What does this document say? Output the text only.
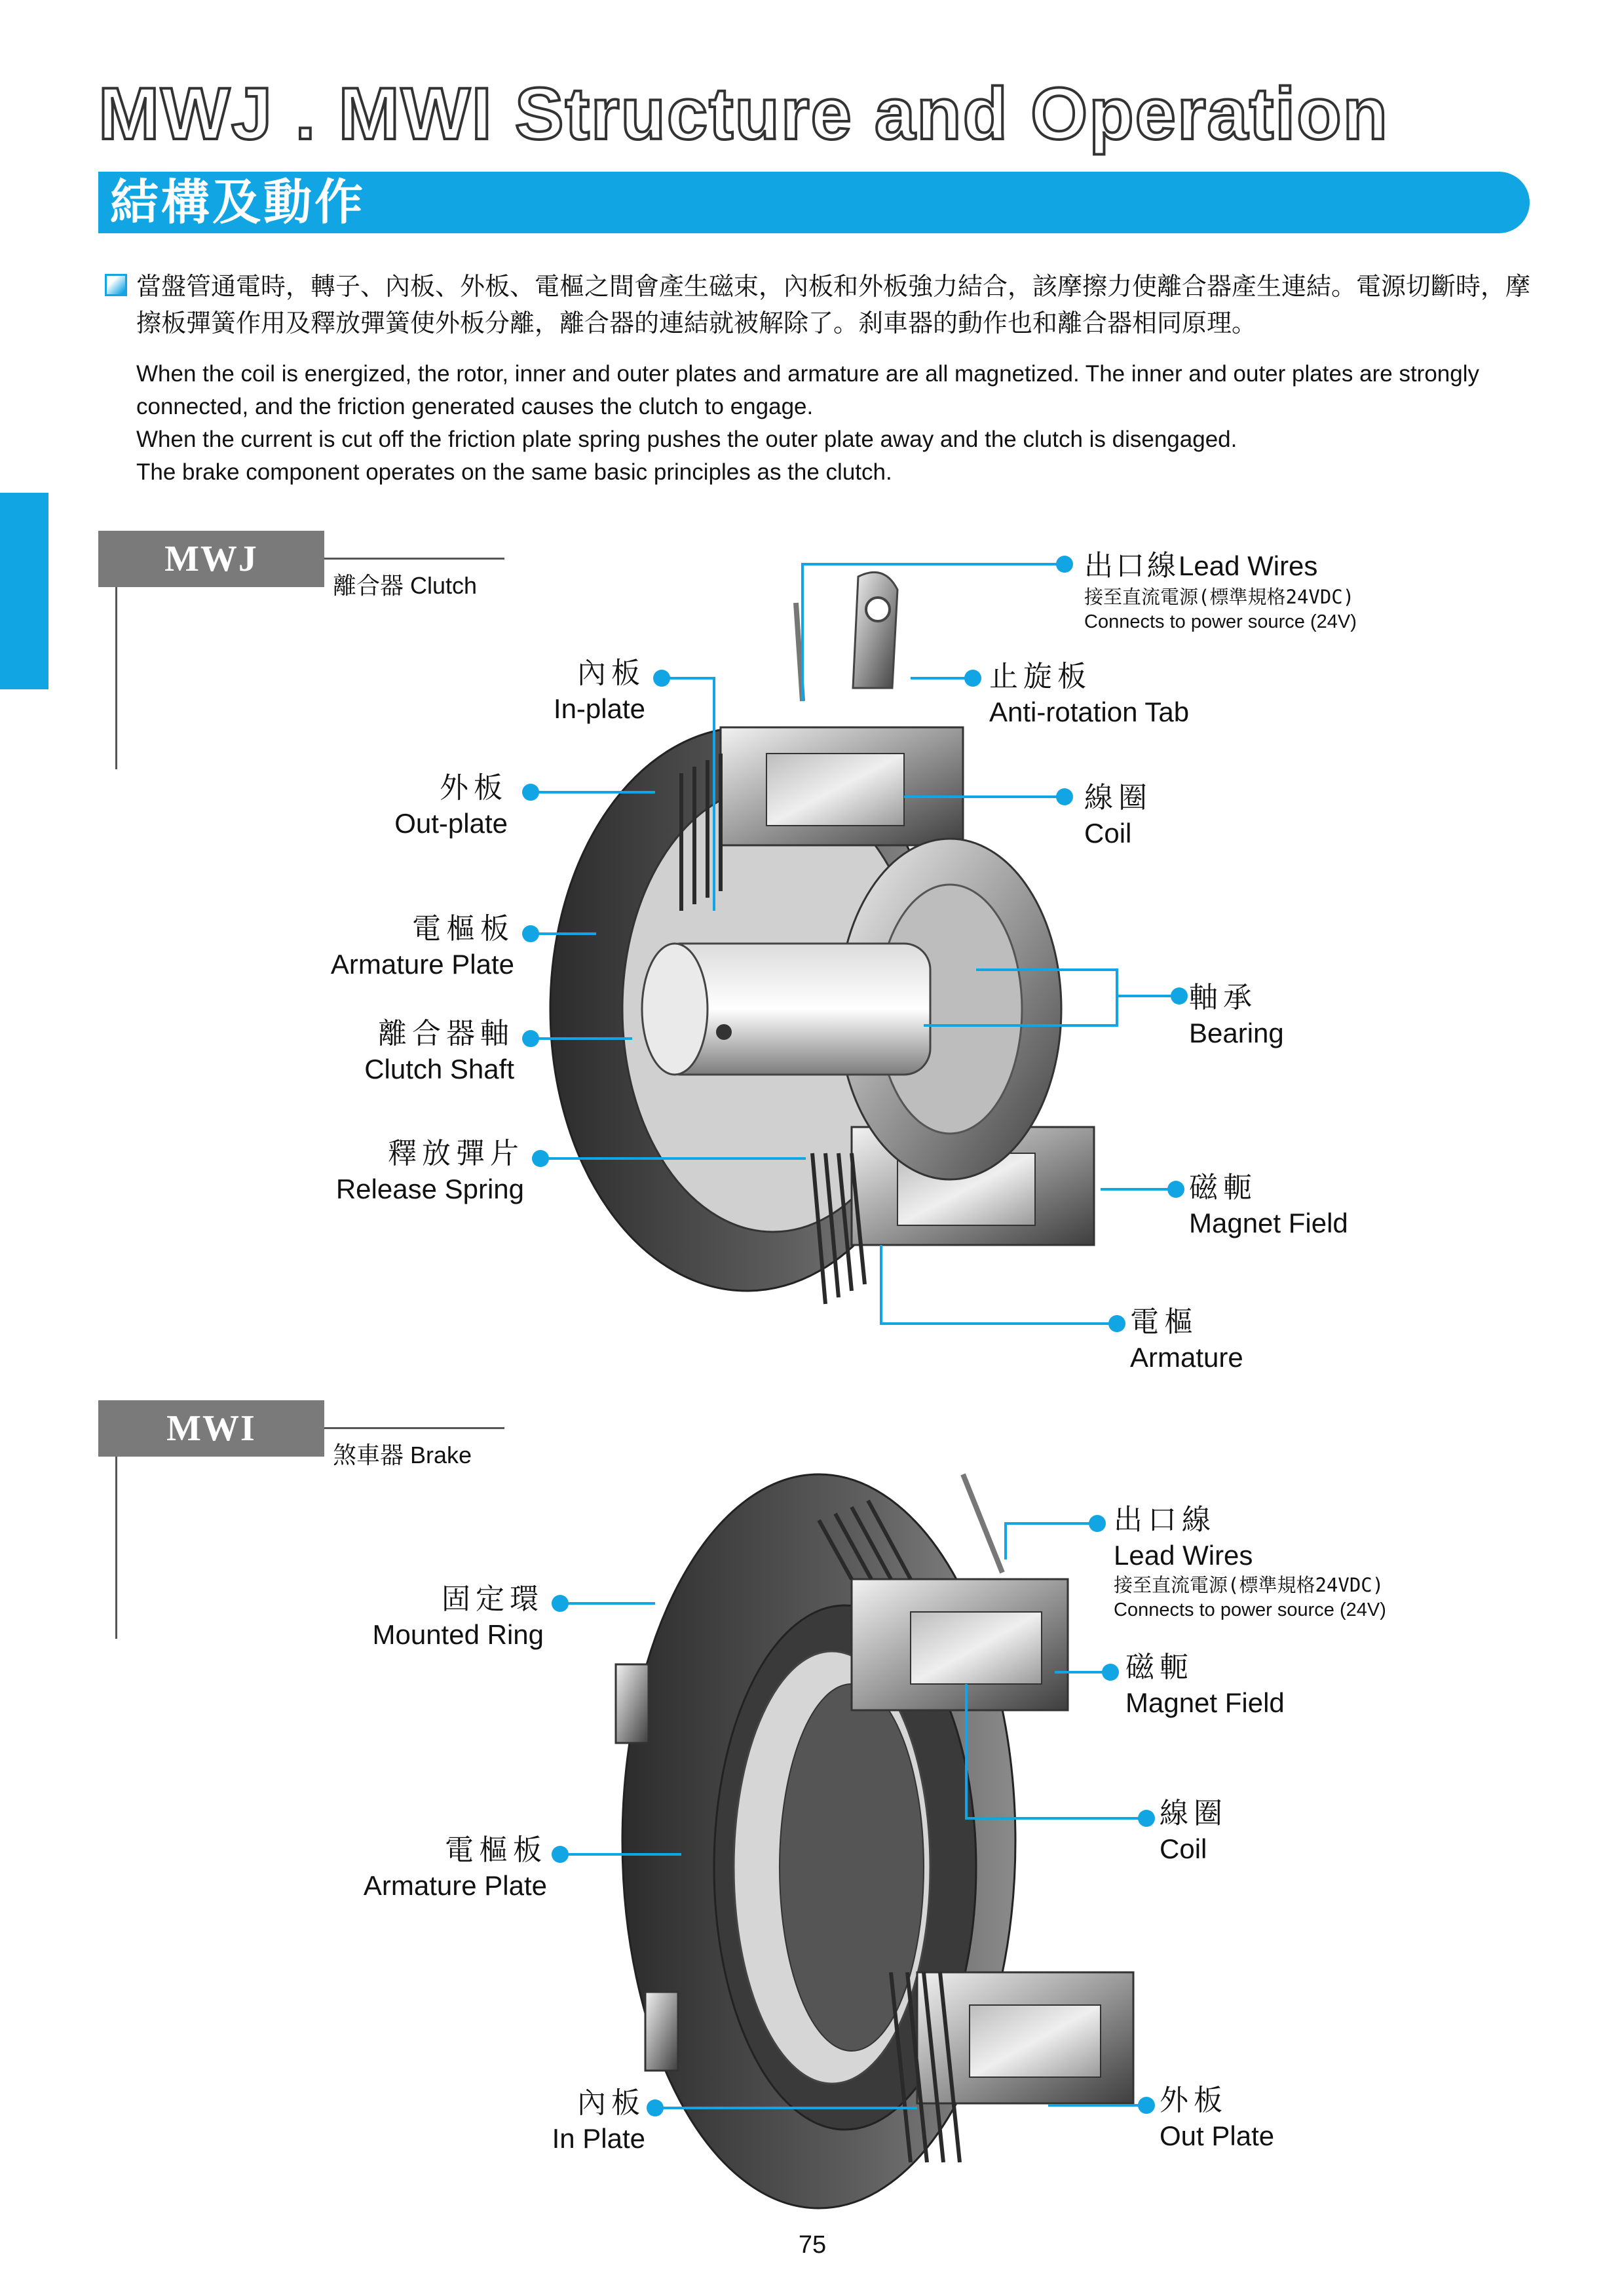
MWJ . MWI Structure and Operation
結構及動作
當盤管通電時，轉子、內板、外板、電樞之間會產生磁束，內板和外板強力結合，該摩擦力使離合器產生連結。電源切斷時，摩擦板彈簧作用及釋放彈簧使外板分離，離合器的連結就被解除了。刹車器的動作也和離合器相同原理。
When the coil is energized, the rotor, inner and outer plates and armature are all magnetized. The inner and outer plates are strongly connected, and the friction generated causes the clutch to engage.
When the current is cut off the friction plate spring pushes the outer plate away and the clutch is disengaged.
The brake component operates on the same basic principles as the clutch.
MWJ
離合器 Clutch
出口線Lead Wires
接至直流電源(標準規格24VDC)
Connects to power source (24V)
內板
In-plate
止旋板
Anti-rotation Tab
外板
Out-plate
線圈
Coil
電樞板
Armature Plate
軸承
Bearing
離合器軸
Clutch Shaft
釋放彈片
Release Spring	磁軛
Magnet Field
電樞
Armature
MWI
煞車器 Brake
出口線
Lead Wires
接至直流電源(標準規格24VDC)
Connects to power source (24V)
固定環
Mounted Ring
磁軛
Magnet Field
線圈
Coil
電樞板
Armature Plate
內板
In Plate
外板
Out Plate
75
